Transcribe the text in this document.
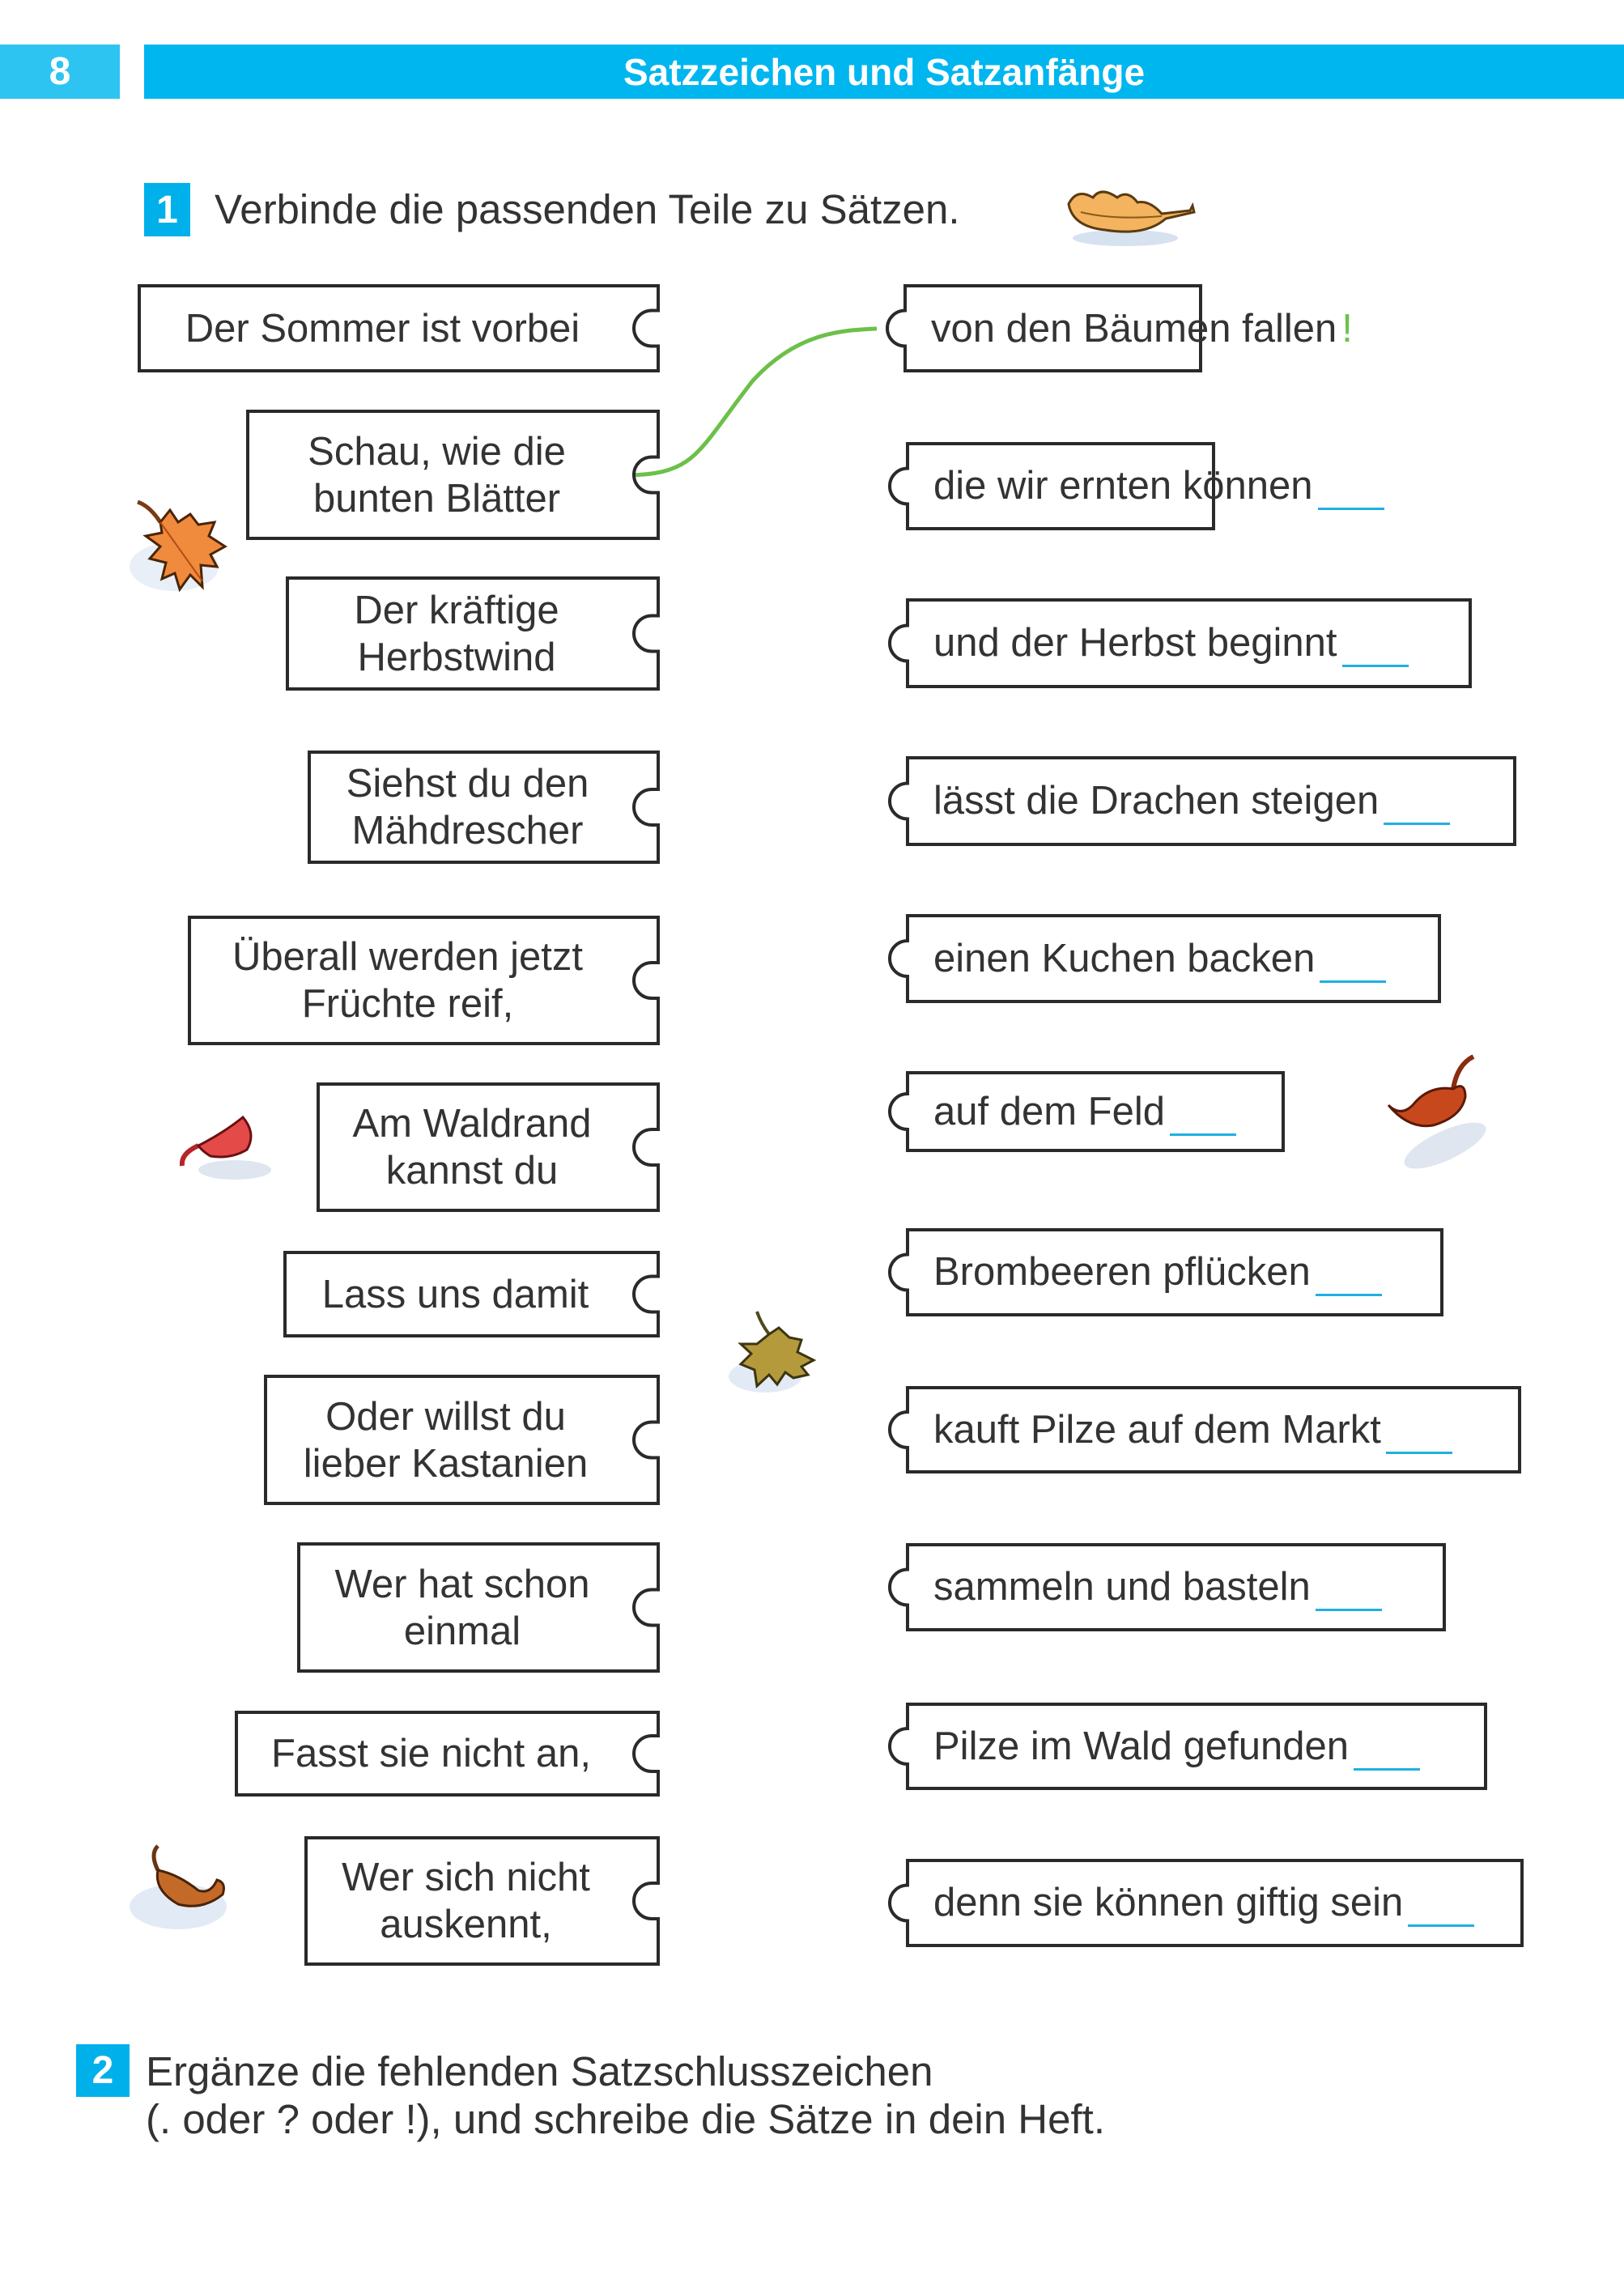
8	Satzzeichen und Satzanfänge
1 Verbinde die passenden Teile zu Sätzen.
Der Sommer ist vorbei
Schau, wie die
bunten Blätter
Der kräftige
Herbstwind
Siehst du den
Mähdrescher
Überall werden jetzt
Früchte reif,
Am Waldrand
kannst du
Lass uns damit
Oder willst du
lieber Kastanien
Wer hat schon
einmal
Fasst sie nicht an,
Wer sich nicht
auskennt,
von den Bäumen fallen !
die wir ernten können
und der Herbst beginnt
lässt die Drachen steigen
einen Kuchen backen
auf dem Feld
Brombeeren pflücken
kauft Pilze auf dem Markt
sammeln und basteln
Pilze im Wald gefunden
denn sie können giftig sein
2 Ergänze die fehlenden Satzschlusszeichen
(. oder ? oder !), und schreibe die Sätze in dein Heft.
